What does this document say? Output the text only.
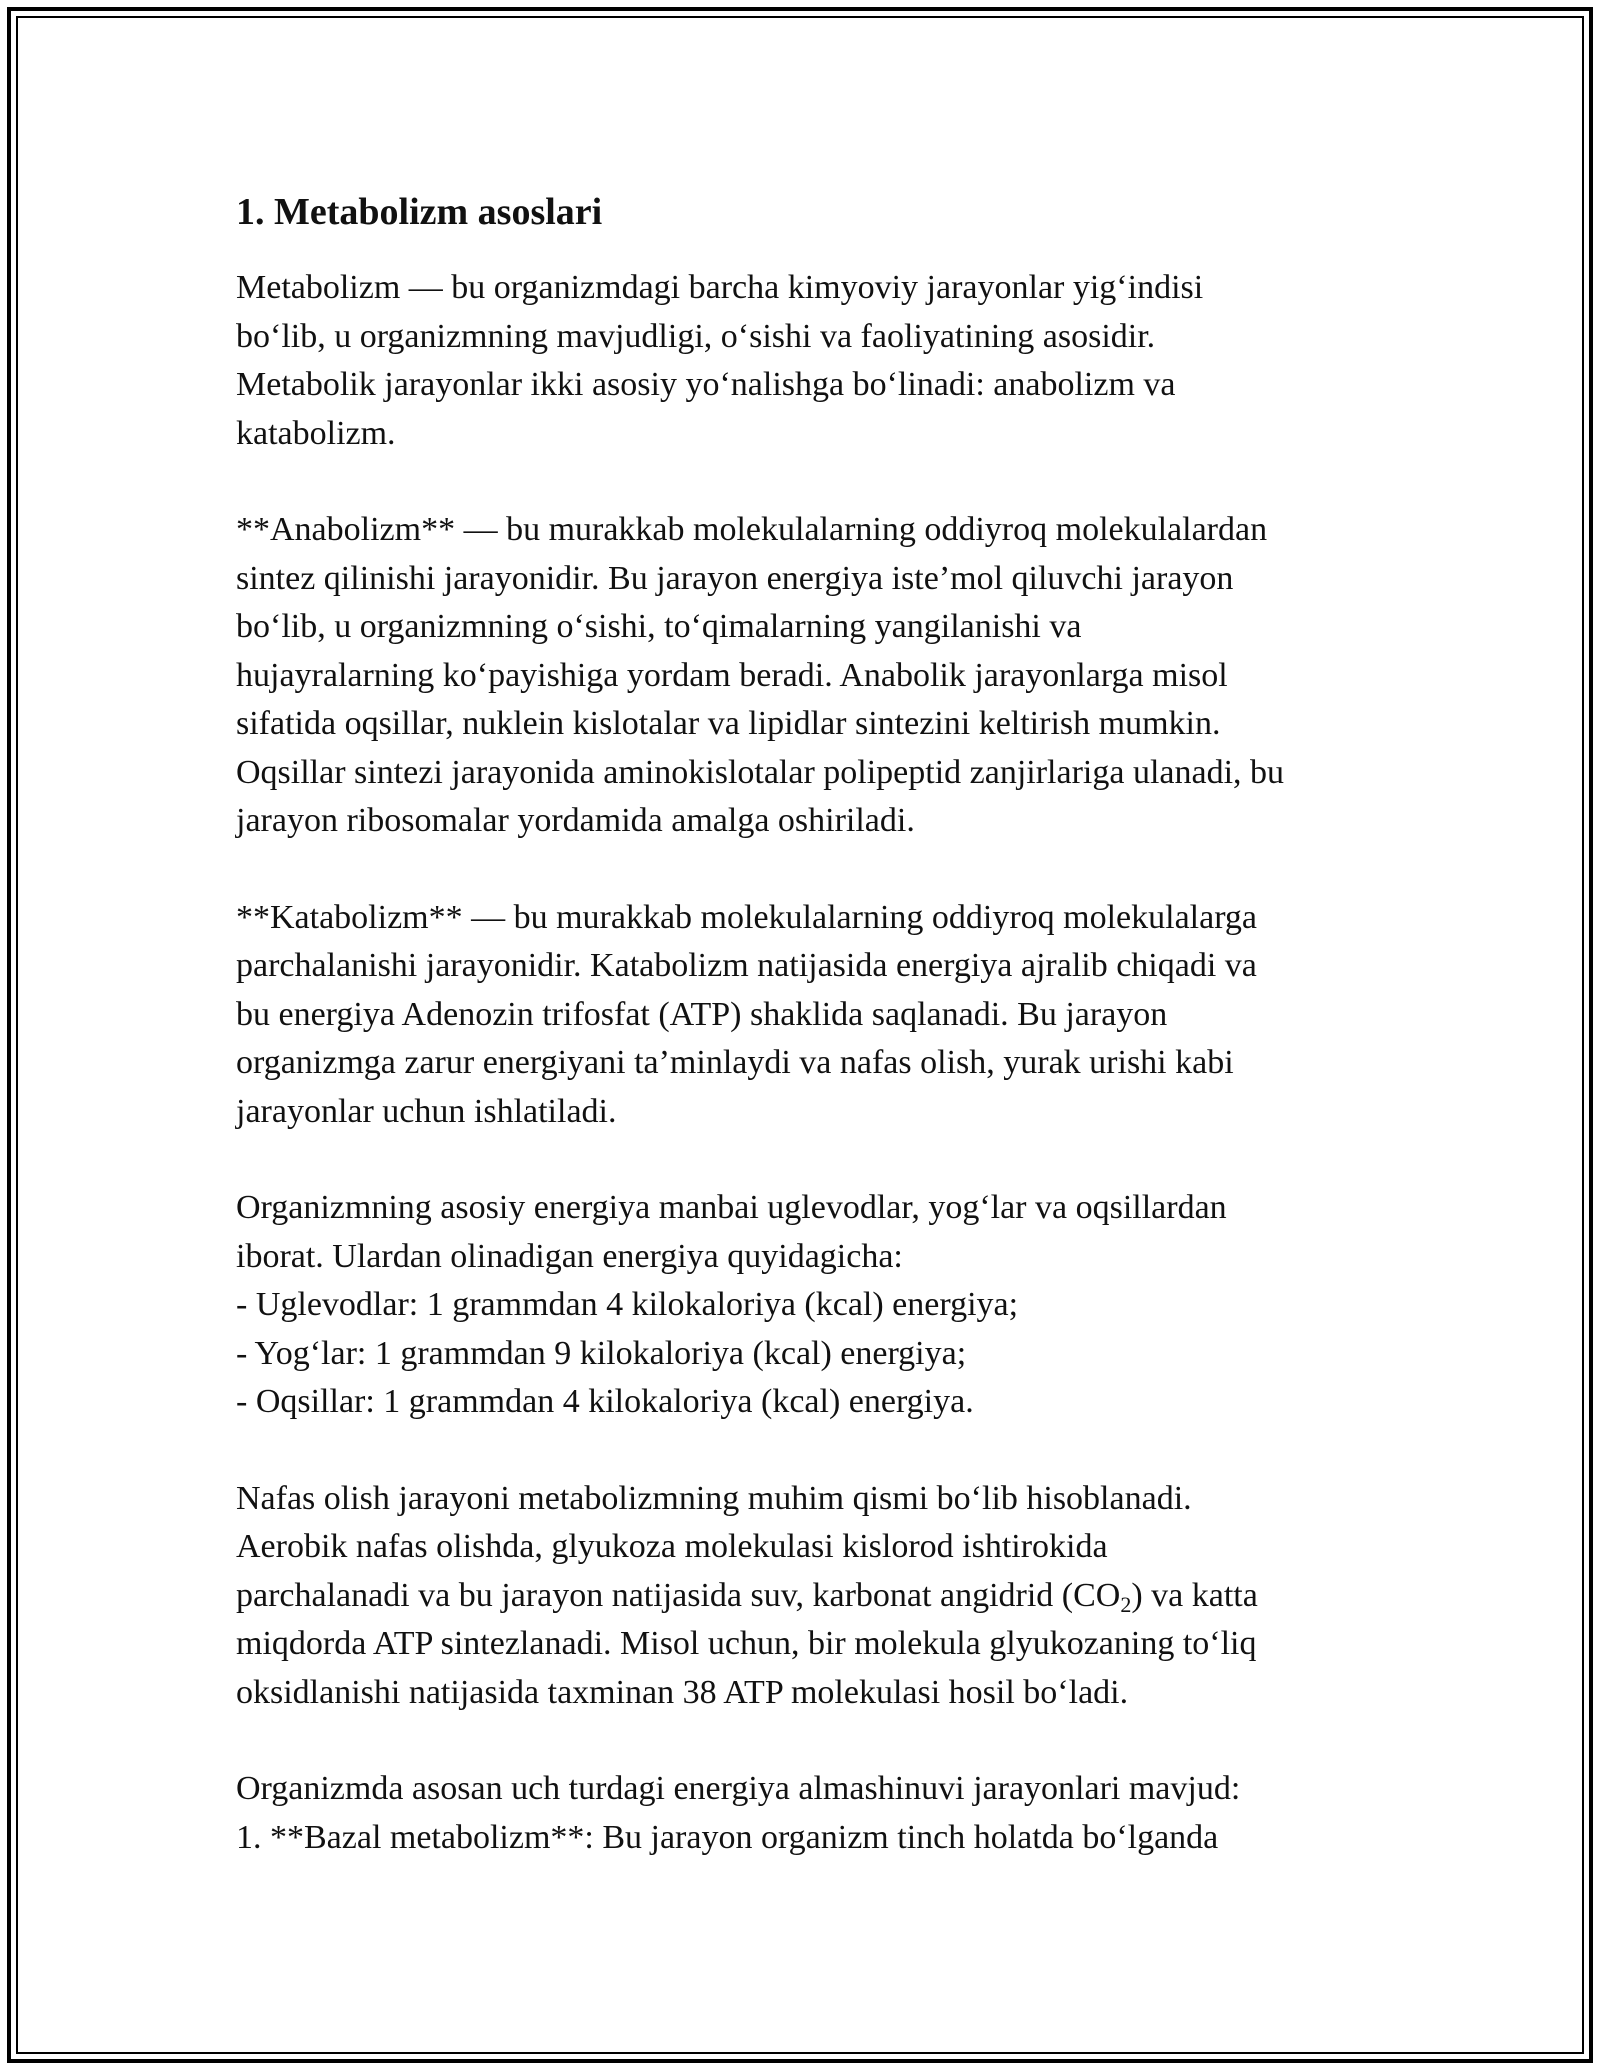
1. Metabolizm asoslari

Metabolizm — bu organizmdagi barcha kimyoviy jarayonlar yig‘indisi
bo‘lib, u organizmning mavjudligi, o‘sishi va faoliyatining asosidir.
Metabolik jarayonlar ikki asosiy yo‘nalishga bo‘linadi: anabolizm va
katabolizm.

**Anabolizm** — bu murakkab molekulalarning oddiyroq molekulalardan
sintez qilinishi jarayonidir. Bu jarayon energiya iste’mol qiluvchi jarayon
bo‘lib, u organizmning o‘sishi, to‘qimalarning yangilanishi va
hujayralarning ko‘payishiga yordam beradi. Anabolik jarayonlarga misol
sifatida oqsillar, nuklein kislotalar va lipidlar sintezini keltirish mumkin.
Oqsillar sintezi jarayonida aminokislotalar polipeptid zanjirlariga ulanadi, bu
jarayon ribosomalar yordamida amalga oshiriladi.

**Katabolizm** — bu murakkab molekulalarning oddiyroq molekulalarga
parchalanishi jarayonidir. Katabolizm natijasida energiya ajralib chiqadi va
bu energiya Adenozin trifosfat (ATP) shaklida saqlanadi. Bu jarayon
organizmga zarur energiyani ta’minlaydi va nafas olish, yurak urishi kabi
jarayonlar uchun ishlatiladi.

Organizmning asosiy energiya manbai uglevodlar, yog‘lar va oqsillardan
iborat. Ulardan olinadigan energiya quyidagicha:
- Uglevodlar: 1 grammdan 4 kilokaloriya (kcal) energiya;
- Yog‘lar: 1 grammdan 9 kilokaloriya (kcal) energiya;
- Oqsillar: 1 grammdan 4 kilokaloriya (kcal) energiya.

Nafas olish jarayoni metabolizmning muhim qismi bo‘lib hisoblanadi.
Aerobik nafas olishda, glyukoza molekulasi kislorod ishtirokida
parchalanadi va bu jarayon natijasida suv, karbonat angidrid $(CO_2)$ va katta
miqdorda ATP sintezlanadi. Misol uchun, bir molekula glyukozaning to‘liq
oksidlanishi natijasida taxminan 38 ATP molekulasi hosil bo‘ladi.

Organizmda asosan uch turdagi energiya almashinuvi jarayonlari mavjud:
1. **Bazal metabolizm**: Bu jarayon organizm tinch holatda bo‘lganda
